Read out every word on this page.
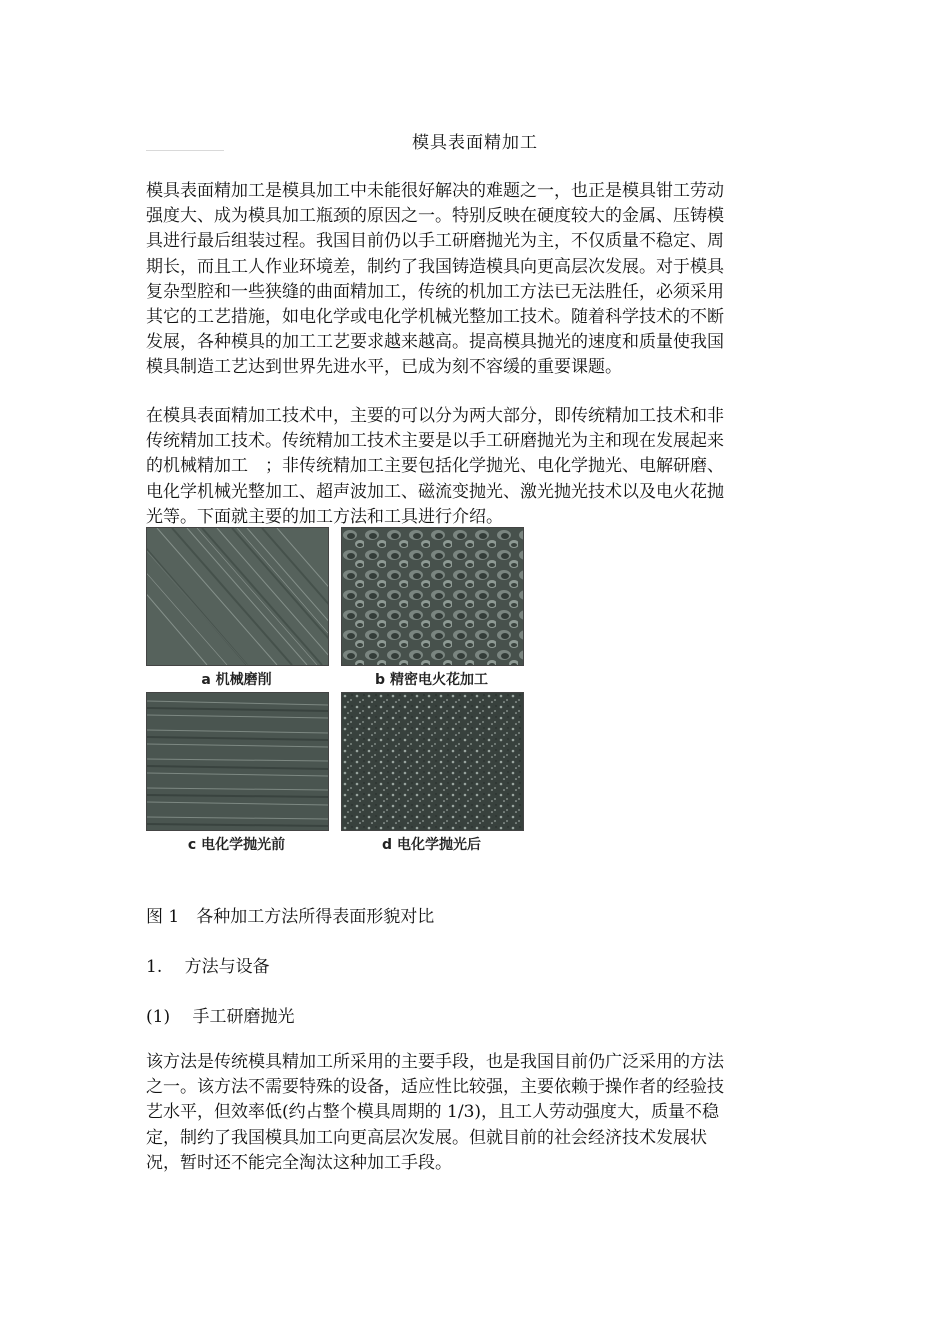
模具表面精加工
模具表面精加工是模具加工中未能很好解决的难题之一，也正是模具钳工劳动
强度大、成为模具加工瓶颈的原因之一。特别反映在硬度较大的金属、压铸模
具进行最后组装过程。我国目前仍以手工研磨抛光为主，不仅质量不稳定、周
期长，而且工人作业环境差，制约了我国铸造模具向更高层次发展。对于模具
复杂型腔和一些狭缝的曲面精加工，传统的机加工方法已无法胜任，必须采用
其它的工艺措施，如电化学或电化学机械光整加工技术。随着科学技术的不断
发展，各种模具的加工工艺要求越来越高。提高模具抛光的速度和质量使我国
模具制造工艺达到世界先进水平，已成为刻不容缓的重要课题。
在模具表面精加工技术中，主要的可以分为两大部分，即传统精加工技术和非
传统精加工技术。传统精加工技术主要是以手工研磨抛光为主和现在发展起来
的机械精加工　；非传统精加工主要包括化学抛光、电化学抛光、电解研磨、
电化学机械光整加工、超声波加工、磁流变抛光、激光抛光技术以及电火花抛
光等。下面就主要的加工方法和工具进行介绍。
a 机械磨削	b 精密电火花加工
c 电化学抛光前	d 电化学抛光后
图 1　各种加工方法所得表面形貌对比
1.　 方法与设备
(1)　 手工研磨抛光
该方法是传统模具精加工所采用的主要手段，也是我国目前仍广泛采用的方法
之一。该方法不需要特殊的设备，适应性比较强，主要依赖于操作者的经验技
艺水平，但效率低(约占整个模具周期的 1/3)，且工人劳动强度大，质量不稳
定，制约了我国模具加工向更高层次发展。但就目前的社会经济技术发展状
况，暂时还不能完全淘汰这种加工手段。
